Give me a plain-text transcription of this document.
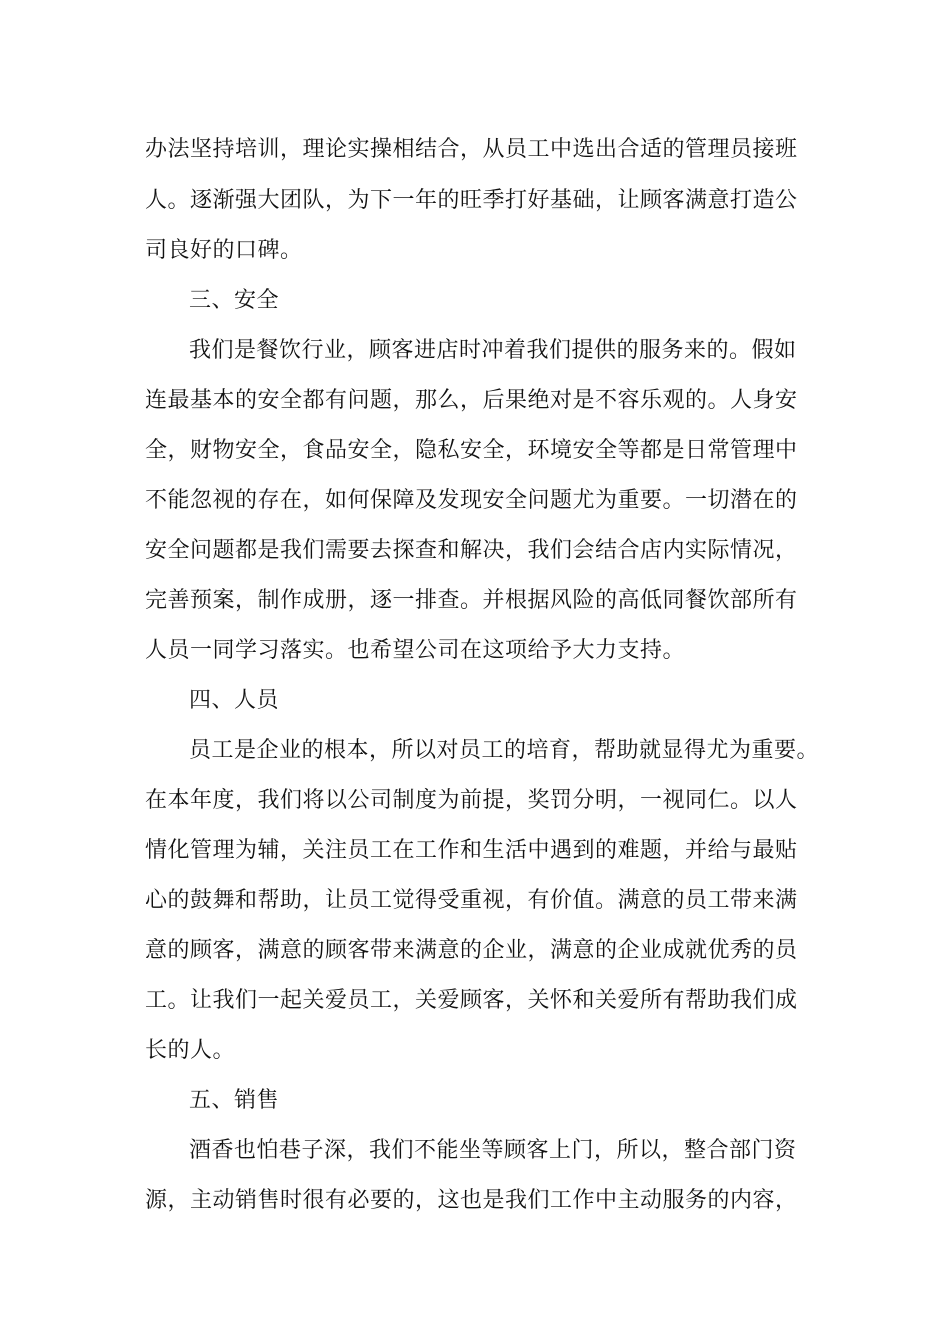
办法坚持培训，理论实操相结合，从员工中选出合适的管理员接班
人。逐渐强大团队，为下一年的旺季打好基础，让顾客满意打造公
司良好的口碑。
三、安全
我们是餐饮行业，顾客进店时冲着我们提供的服务来的。假如
连最基本的安全都有问题，那么，后果绝对是不容乐观的。人身安
全，财物安全，食品安全，隐私安全，环境安全等都是日常管理中
不能忽视的存在，如何保障及发现安全问题尤为重要。一切潜在的
安全问题都是我们需要去探查和解决，我们会结合店内实际情况，
完善预案，制作成册，逐一排查。并根据风险的高低同餐饮部所有
人员一同学习落实。也希望公司在这项给予大力支持。
四、人员
员工是企业的根本，所以对员工的培育，帮助就显得尤为重要。
在本年度，我们将以公司制度为前提，奖罚分明，一视同仁。以人
情化管理为辅，关注员工在工作和生活中遇到的难题，并给与最贴
心的鼓舞和帮助，让员工觉得受重视，有价值。满意的员工带来满
意的顾客，满意的顾客带来满意的企业，满意的企业成就优秀的员
工。让我们一起关爱员工，关爱顾客，关怀和关爱所有帮助我们成
长的人。
五、销售
酒香也怕巷子深，我们不能坐等顾客上门，所以，整合部门资
源，主动销售时很有必要的，这也是我们工作中主动服务的内容，
